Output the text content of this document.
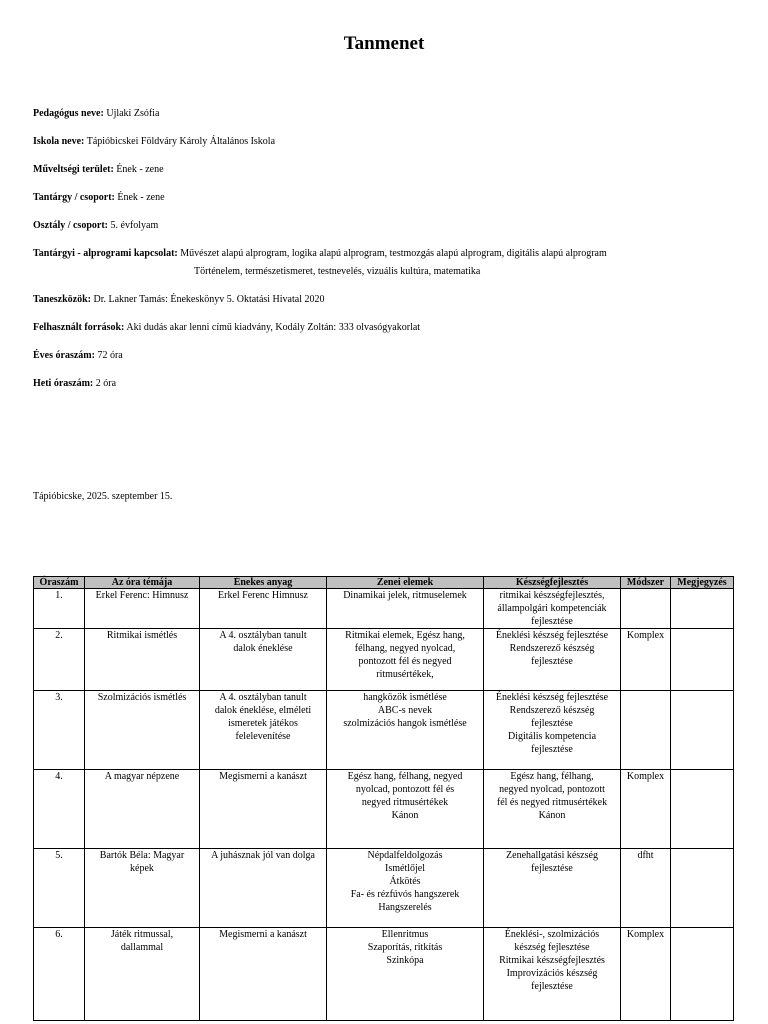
Tanmenet
Pedagógus neve: Ujlaki Zsófia
Iskola neve: Tápióbicskei Földváry Károly Általános Iskola
Műveltségi terület: Ének - zene
Tantárgy / csoport: Ének - zene
Osztály / csoport: 5. évfolyam
Tantárgyi - alprogrami kapcsolat: Művészet alapú alprogram, logika alapú alprogram, testmozgás alapú alprogram, digitális alapú alprogram
Történelem, természetismeret, testnevelés, vizuális kultúra, matematika
Taneszközök: Dr. Lakner Tamás: Énekeskönyv 5. Oktatási Hivatal 2020
Felhasznált források: Aki dudás akar lenni című kiadvány, Kodály Zoltán: 333 olvasógyakorlat
Éves óraszám: 72 óra
Heti óraszám: 2 óra
Tápióbicske, 2025. szeptember 15.
Óraszám	Az óra témája	Énekes anyag	Zenei elemek	Készségfejlesztés	Módszer	Megjegyzés
1.	Erkel Ferenc: Himnusz	Erkel Ferenc Himnusz	Dinamikai jelek, ritmuselemek	ritmikai készségfejlesztés,
állampolgári kompetenciák
fejlesztése		
2.	Ritmikai ismétlés	A 4. osztályban tanult
dalok éneklése	Ritmikai elemek, Egész hang,
félhang, negyed nyolcad,
pontozott fél és negyed
ritmusértékek,	Éneklési készség fejlesztése
Rendszerező készség
fejlesztése	Komplex	
3.	Szolmizációs ismétlés	A 4. osztályban tanult
dalok éneklése, elméleti
ismeretek játékos
felelevenítése	hangközök ismétlése
ABC-s nevek
szolmizációs hangok ismétlése	Éneklési készség fejlesztése
Rendszerező készség
fejlesztése
Digitális kompetencia
fejlesztése		
4.	A magyar népzene	Megismerni a kanászt	Egész hang, félhang, negyed
nyolcad, pontozott fél és
negyed ritmusértékek
Kánon	Egész hang, félhang,
negyed nyolcad, pontozott
fél és negyed ritmusértékek
Kánon	Komplex	
5.	Bartók Béla: Magyar
képek	A juhásznak jól van dolga	Népdalfeldolgozás
Ismétlőjel
Átkötés
Fa- és rézfúvós hangszerek
Hangszerelés	Zenehallgatási készség
fejlesztése	dfht	
6.	Játék ritmussal,
dallammal	Megismerni a kanászt	Ellenritmus
Szaporítás, ritkítás
Szinkópa	Éneklési-, szolmizációs
készség fejlesztése
Ritmikai készségfejlesztés
Improvizációs készség
fejlesztése	Komplex	
